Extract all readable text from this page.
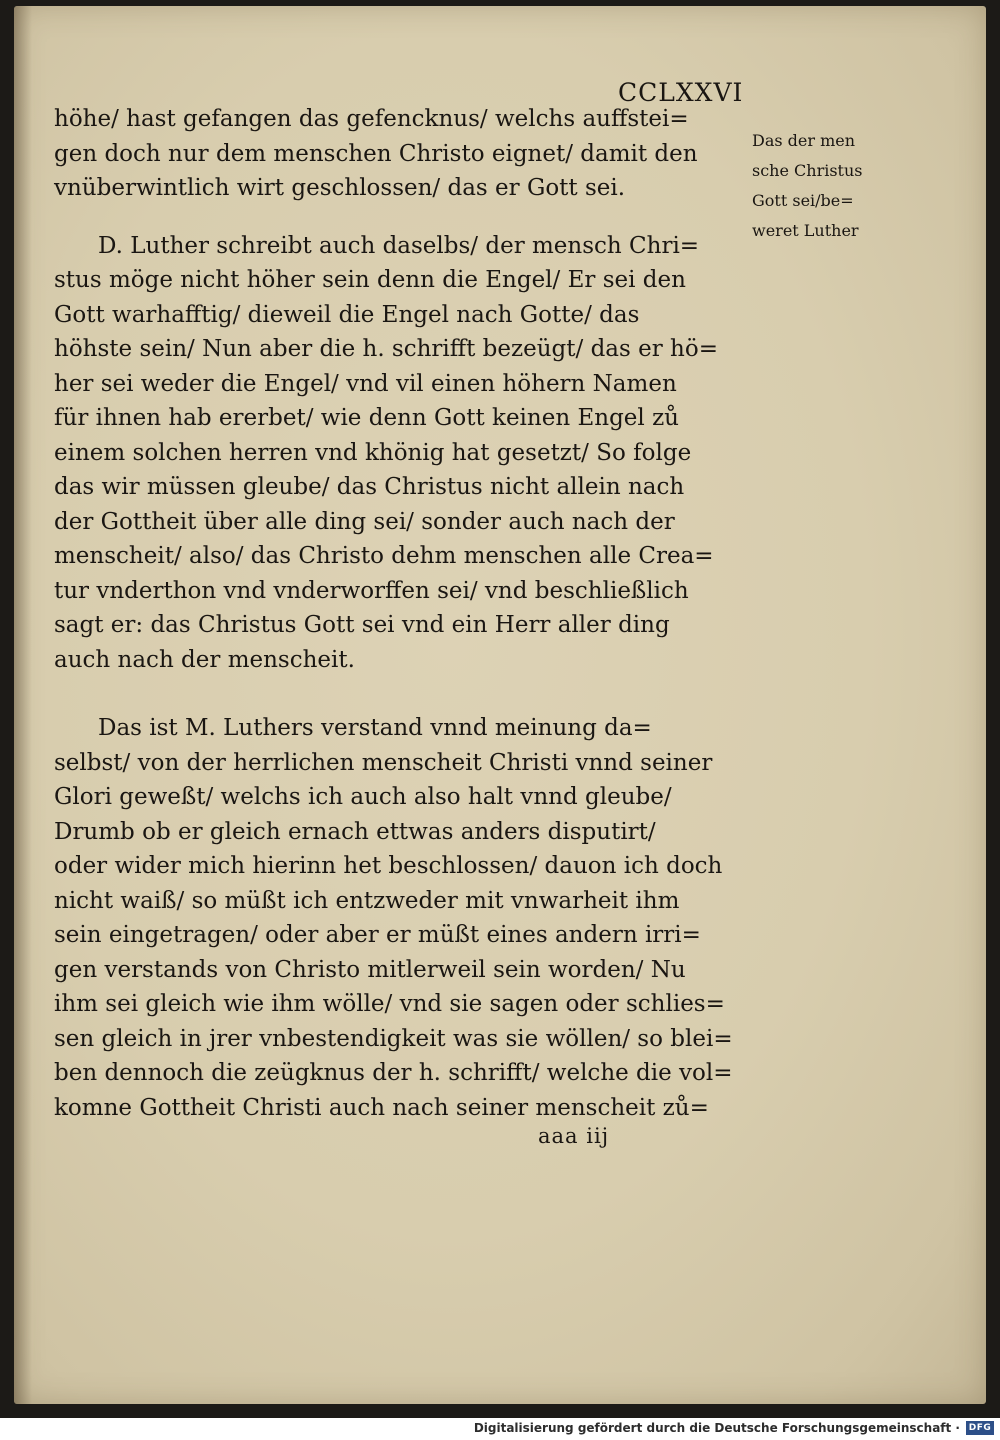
CCLXXVI

höhe/ hast gefangen das gefencknus/ welchs auffstei=
gen doch nur dem menschen Christo eignet/ damit den
vnüberwintlich wirt geschlossen/ das er Gott sei.
D. Luther schreibt auch daselbs/ der mensch Chri=
stus möge nicht höher sein denn die Engel/ Er sei den
Gott warhafftig/ dieweil die Engel nach Gotte/ das
höhste sein/ Nun aber die h. schrifft bezeügt/ das er hö=
her sei weder die Engel/ vnd vil einen höhern Namen
für ihnen hab ererbet/ wie denn Gott keinen Engel zů
einem solchen herren vnd khönig hat gesetzt/ So folge
das wir müssen gleube/ das Christus nicht allein nach
der Gottheit über alle ding sei/ sonder auch nach der
menscheit/ also/ das Christo dehm menschen alle Crea=
tur vnderthon vnd vnderworffen sei/ vnd beschließlich
sagt er: das Christus Gott sei vnd ein Herr aller ding
auch nach der menscheit.
Das ist M. Luthers verstand vnnd meinung da=
selbst/ von der herrlichen menscheit Christi vnnd seiner
Glori geweßt/ welchs ich auch also halt vnnd gleube/
Drumb ob er gleich ernach ettwas anders disputirt/
oder wider mich hierinn het beschlossen/ dauon ich doch
nicht waiß/ so müßt ich entzweder mit vnwarheit ihm
sein eingetragen/ oder aber er müßt eines andern irri=
gen verstands von Christo mitlerweil sein worden/ Nu
ihm sei gleich wie ihm wölle/ vnd sie sagen oder schlies=
sen gleich in jrer vnbestendigkeit was sie wöllen/ so blei=
ben dennoch die zeügknus der h. schrifft/ welche die vol=
komne Gottheit Christi auch nach seiner menscheit zů=
Das der men
sche Christus
Gott sei/be=
weret Luther

aaa iij

Digitalisierung gefördert durch die Deutsche Forschungsgemeinschaft · DFG
